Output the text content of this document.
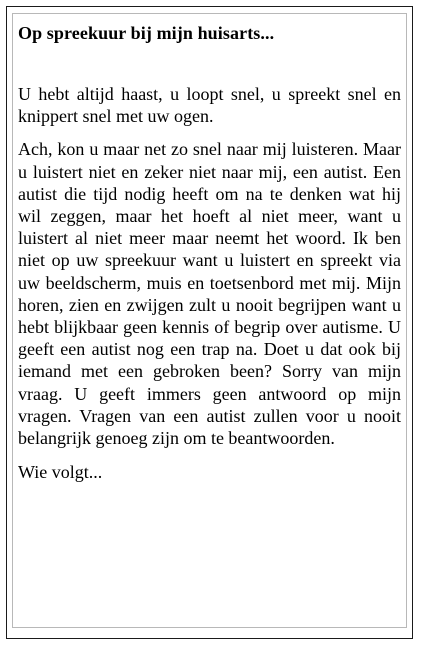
Op spreekuur bij mijn huisarts...

U hebt altijd haast, u loopt snel, u spreekt snel en knippert snel met uw ogen.

Ach, kon u maar net zo snel naar mij luisteren. Maar u luistert niet en zeker niet naar mij, een autist. Een autist die tijd nodig heeft om na te denken wat hij wil zeggen, maar het hoeft al niet meer, want u luistert al niet meer maar neemt het woord. Ik ben niet op uw spreekuur want u luistert en spreekt via uw beeldscherm, muis en toetsenbord met mij. Mijn horen, zien en zwijgen zult u nooit begrijpen want u hebt blijkbaar geen kennis of begrip over autisme. U geeft een autist nog een trap na. Doet u dat ook bij iemand met een gebroken been? Sorry van mijn vraag. U geeft immers geen antwoord op mijn vragen. Vragen van een autist zullen voor u nooit belangrijk genoeg zijn om te beantwoorden.

Wie volgt...
